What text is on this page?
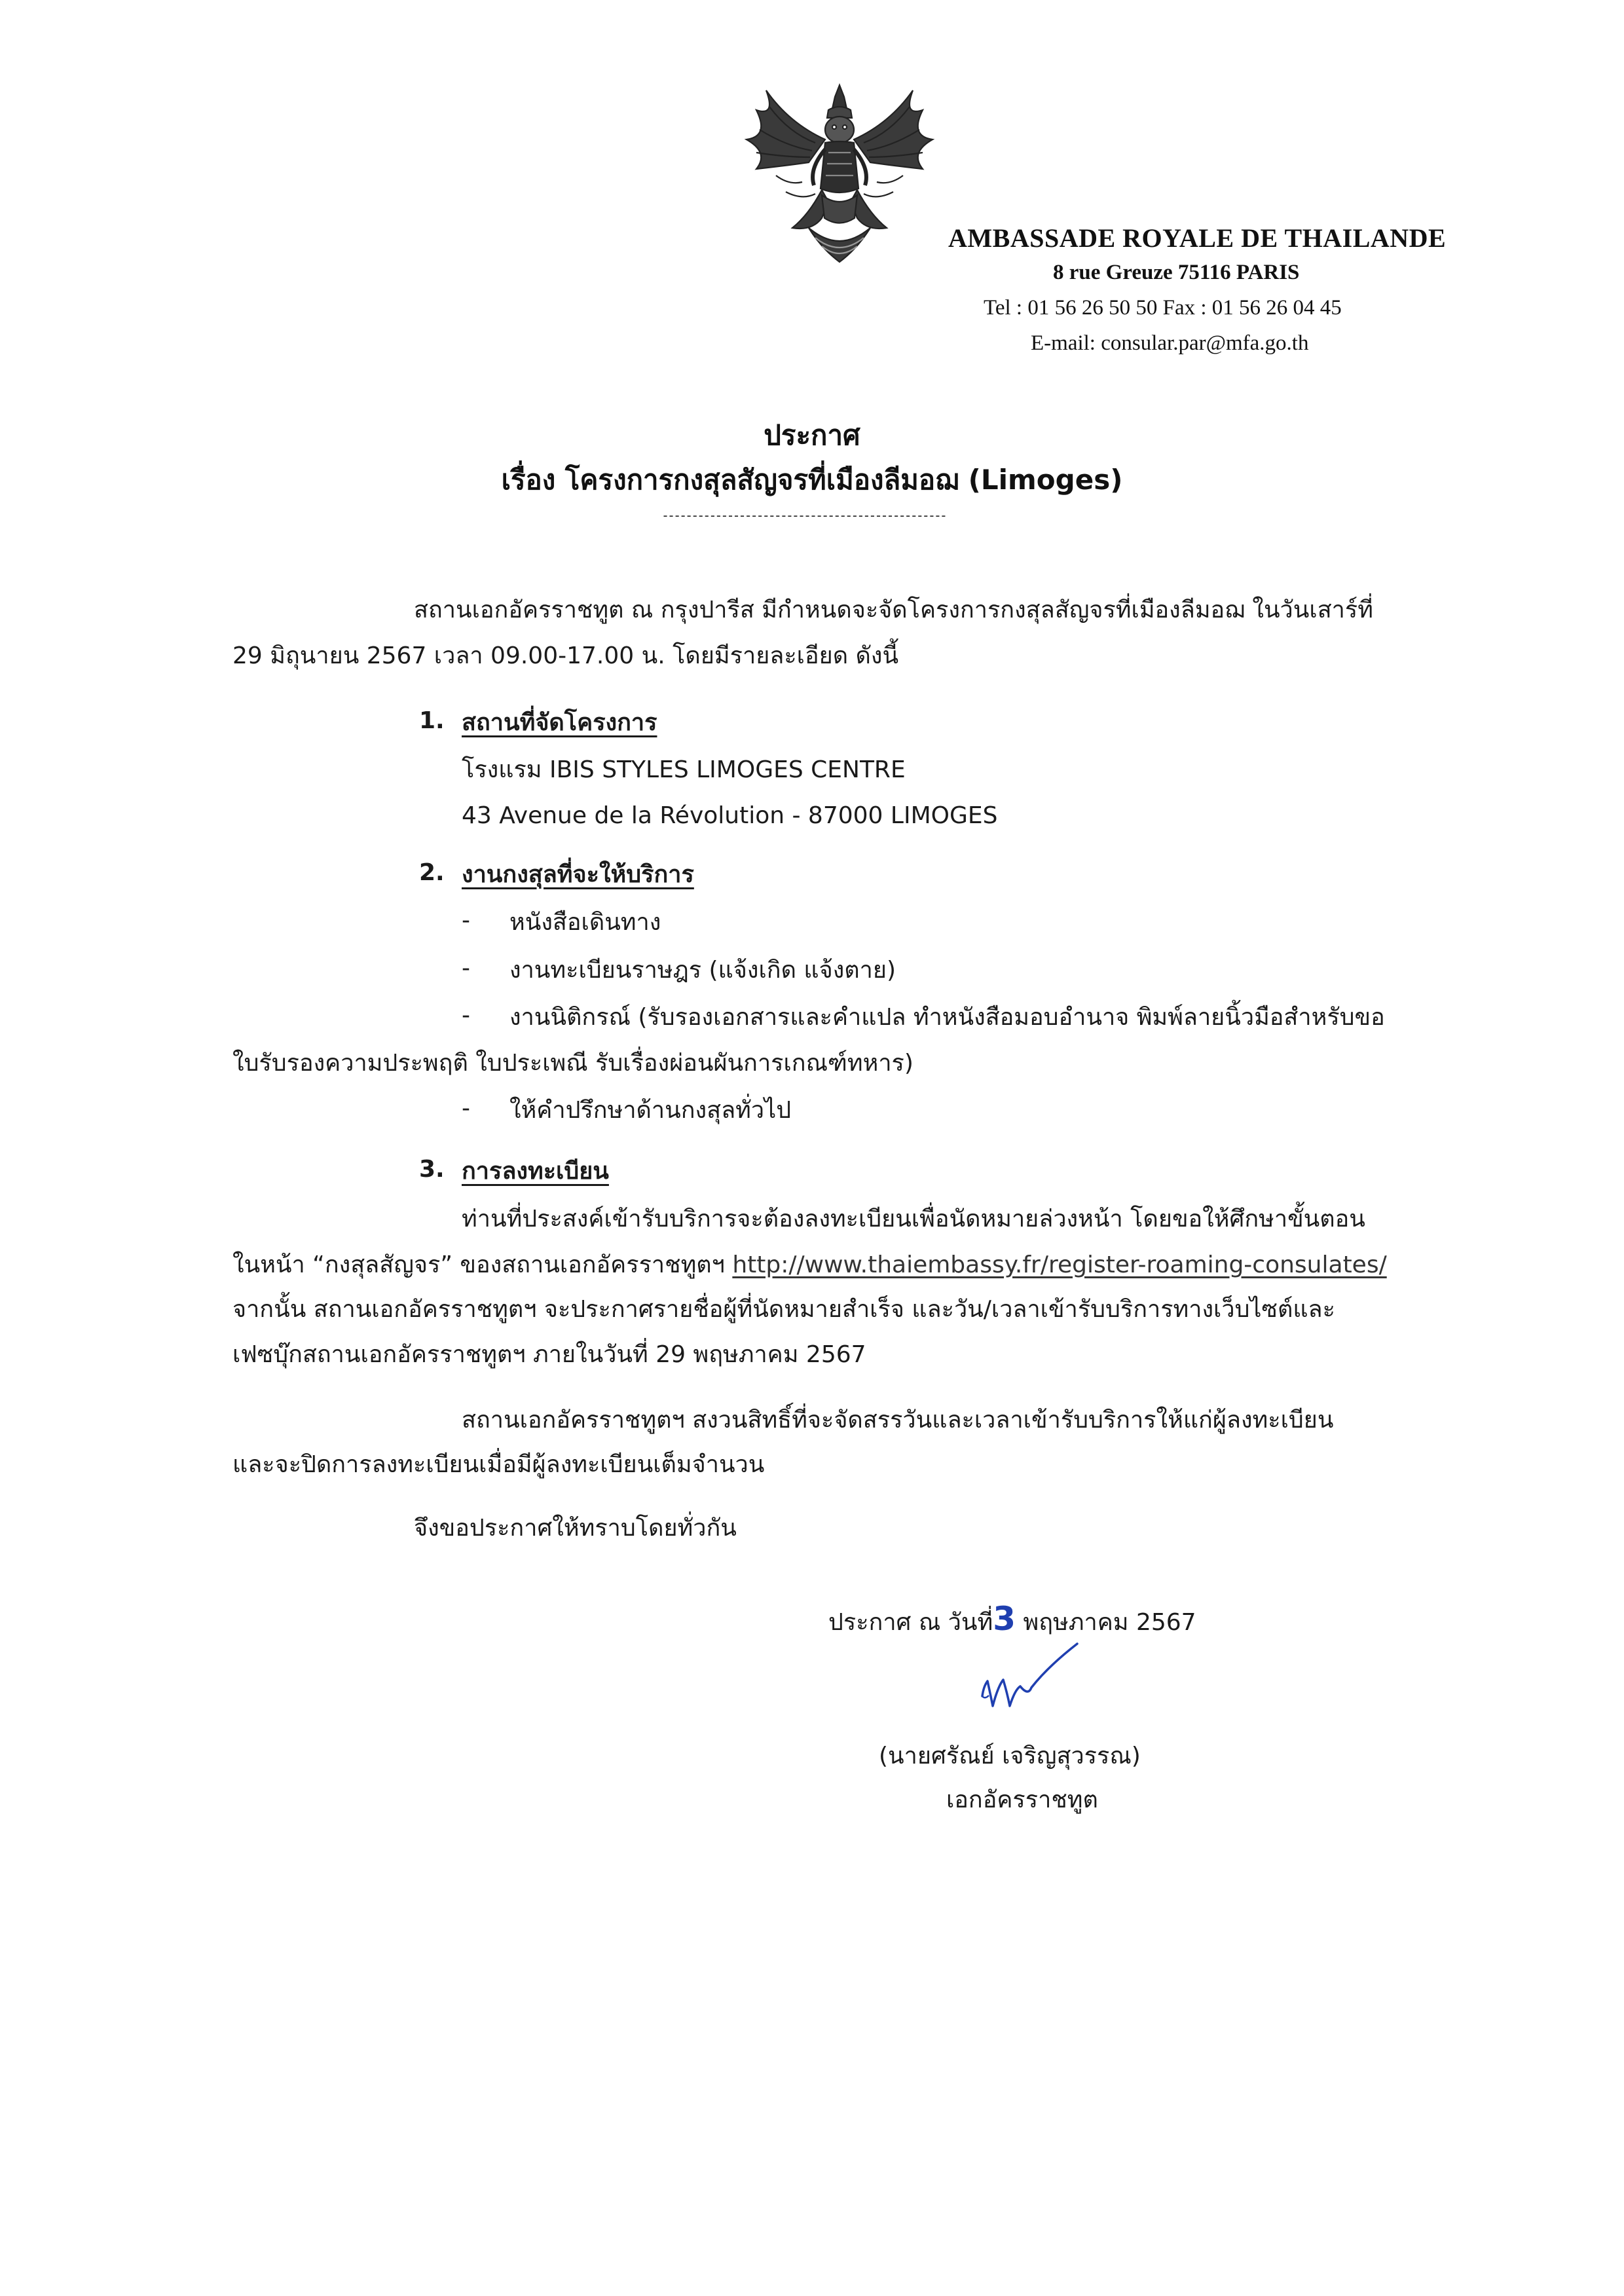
AMBASSADE ROYALE DE THAILANDE
8 rue Greuze 75116 PARIS
Tel : 01 56 26 50 50 Fax : 01 56 26 04 45
E-mail: consular.par@mfa.go.th
ประกาศ
เรื่อง โครงการกงสุลสัญจรที่เมืองลีมอฌ (Limoges)
------------------------------------------------
สถานเอกอัครราชทูต ณ กรุงปารีส มีกำหนดจะจัดโครงการกงสุลสัญจรที่เมืองลีมอฌ ในวันเสาร์ที่
29 มิถุนายน 2567 เวลา 09.00-17.00 น. โดยมีรายละเอียด ดังนี้
1. สถานที่จัดโครงการ
โรงแรม IBIS STYLES LIMOGES CENTRE
43 Avenue de la Révolution - 87000 LIMOGES
2. งานกงสุลที่จะให้บริการ
- หนังสือเดินทาง
- งานทะเบียนราษฎร (แจ้งเกิด แจ้งตาย)
- งานนิติกรณ์ (รับรองเอกสารและคำแปล ทำหนังสือมอบอำนาจ พิมพ์ลายนิ้วมือสำหรับขอ
ใบรับรองความประพฤติ ใบประเพณี รับเรื่องผ่อนผันการเกณฑ์ทหาร)
- ให้คำปรึกษาด้านกงสุลทั่วไป
3. การลงทะเบียน
ท่านที่ประสงค์เข้ารับบริการจะต้องลงทะเบียนเพื่อนัดหมายล่วงหน้า โดยขอให้ศึกษาขั้นตอน
ในหน้า “กงสุลสัญจร” ของสถานเอกอัครราชทูตฯ http://www.thaiembassy.fr/register-roaming-consulates/
จากนั้น สถานเอกอัครราชทูตฯ จะประกาศรายชื่อผู้ที่นัดหมายสำเร็จ และวัน/เวลาเข้ารับบริการทางเว็บไซต์และ
เฟซบุ๊กสถานเอกอัครราชทูตฯ ภายในวันที่ 29 พฤษภาคม 2567
สถานเอกอัครราชทูตฯ สงวนสิทธิ์ที่จะจัดสรรวันและเวลาเข้ารับบริการให้แก่ผู้ลงทะเบียน
และจะปิดการลงทะเบียนเมื่อมีผู้ลงทะเบียนเต็มจำนวน
จึงขอประกาศให้ทราบโดยทั่วกัน
ประกาศ ณ วันที่3 พฤษภาคม 2567
(นายศรัณย์ เจริญสุวรรณ)
เอกอัครราชทูต
